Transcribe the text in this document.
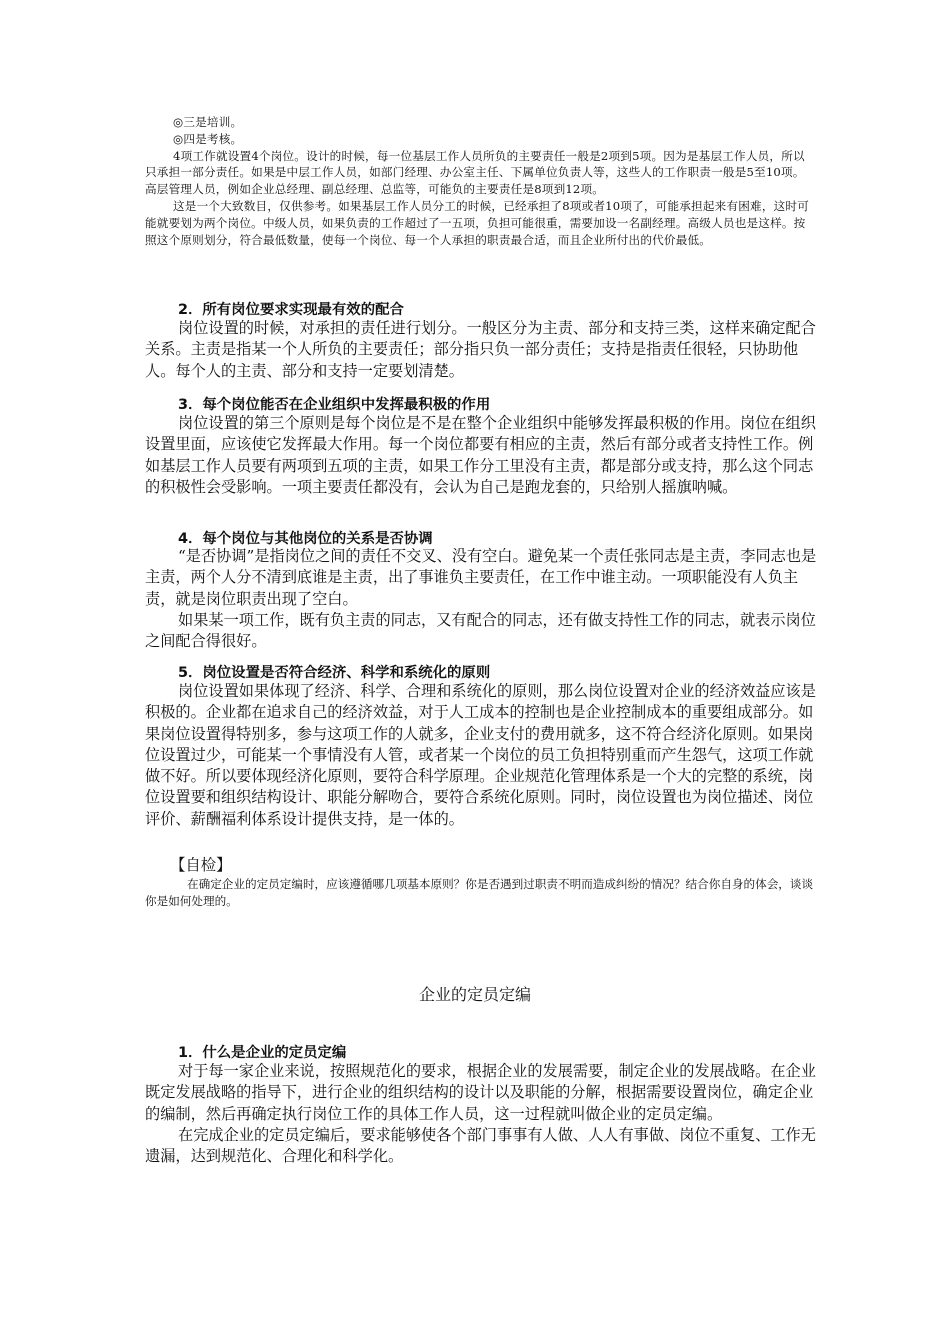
◎三是培训。

◎四是考核。

4项工作就设置4个岗位。设计的时候，每一位基层工作人员所负的主要责任一般是2项到5项。因为是基层工作人员，所以只承担一部分责任。如果是中层工作人员，如部门经理、办公室主任、下属单位负责人等，这些人的工作职责一般是5至10项。高层管理人员，例如企业总经理、副总经理、总监等，可能负的主要责任是8项到12项。

这是一个大致数目，仅供参考。如果基层工作人员分工的时候，已经承担了8项或者10项了，可能承担起来有困难，这时可能就要划为两个岗位。中级人员，如果负责的工作超过了一五项，负担可能很重，需要加设一名副经理。高级人员也是这样。按照这个原则划分，符合最低数量，使每一个岗位、每一个人承担的职责最合适，而且企业所付出的代价最低。

2．所有岗位要求实现最有效的配合

岗位设置的时候，对承担的责任进行划分。一般区分为主责、部分和支持三类，这样来确定配合关系。主责是指某一个人所负的主要责任；部分指只负一部分责任；支持是指责任很轻，只协助他人。每个人的主责、部分和支持一定要划清楚。

3．每个岗位能否在企业组织中发挥最积极的作用

岗位设置的第三个原则是每个岗位是不是在整个企业组织中能够发挥最积极的作用。岗位在组织设置里面，应该使它发挥最大作用。每一个岗位都要有相应的主责，然后有部分或者支持性工作。例如基层工作人员要有两项到五项的主责，如果工作分工里没有主责，都是部分或支持，那么这个同志的积极性会受影响。一项主要责任都没有，会认为自己是跑龙套的，只给别人摇旗呐喊。

4．每个岗位与其他岗位的关系是否协调

“是否协调”是指岗位之间的责任不交叉、没有空白。避免某一个责任张同志是主责，李同志也是主责，两个人分不清到底谁是主责，出了事谁负主要责任，在工作中谁主动。一项职能没有人负主责，就是岗位职责出现了空白。

如果某一项工作，既有负主责的同志，又有配合的同志，还有做支持性工作的同志，就表示岗位之间配合得很好。

5．岗位设置是否符合经济、科学和系统化的原则

岗位设置如果体现了经济、科学、合理和系统化的原则，那么岗位设置对企业的经济效益应该是积极的。企业都在追求自己的经济效益，对于人工成本的控制也是企业控制成本的重要组成部分。如果岗位设置得特别多，参与这项工作的人就多，企业支付的费用就多，这不符合经济化原则。如果岗位设置过少，可能某一个事情没有人管，或者某一个岗位的员工负担特别重而产生怨气，这项工作就做不好。所以要体现经济化原则，要符合科学原理。企业规范化管理体系是一个大的完整的系统，岗位设置要和组织结构设计、职能分解吻合，要符合系统化原则。同时，岗位设置也为岗位描述、岗位评价、薪酬福利体系设计提供支持，是一体的。

【自检】

在确定企业的定员定编时，应该遵循哪几项基本原则？你是否遇到过职责不明而造成纠纷的情况？结合你自身的体会，谈谈你是如何处理的。

企业的定员定编
1．什么是企业的定员定编

对于每一家企业来说，按照规范化的要求，根据企业的发展需要，制定企业的发展战略。在企业既定发展战略的指导下，进行企业的组织结构的设计以及职能的分解，根据需要设置岗位，确定企业的编制，然后再确定执行岗位工作的具体工作人员，这一过程就叫做企业的定员定编。

在完成企业的定员定编后，要求能够使各个部门事事有人做、人人有事做、岗位不重复、工作无遗漏，达到规范化、合理化和科学化。
